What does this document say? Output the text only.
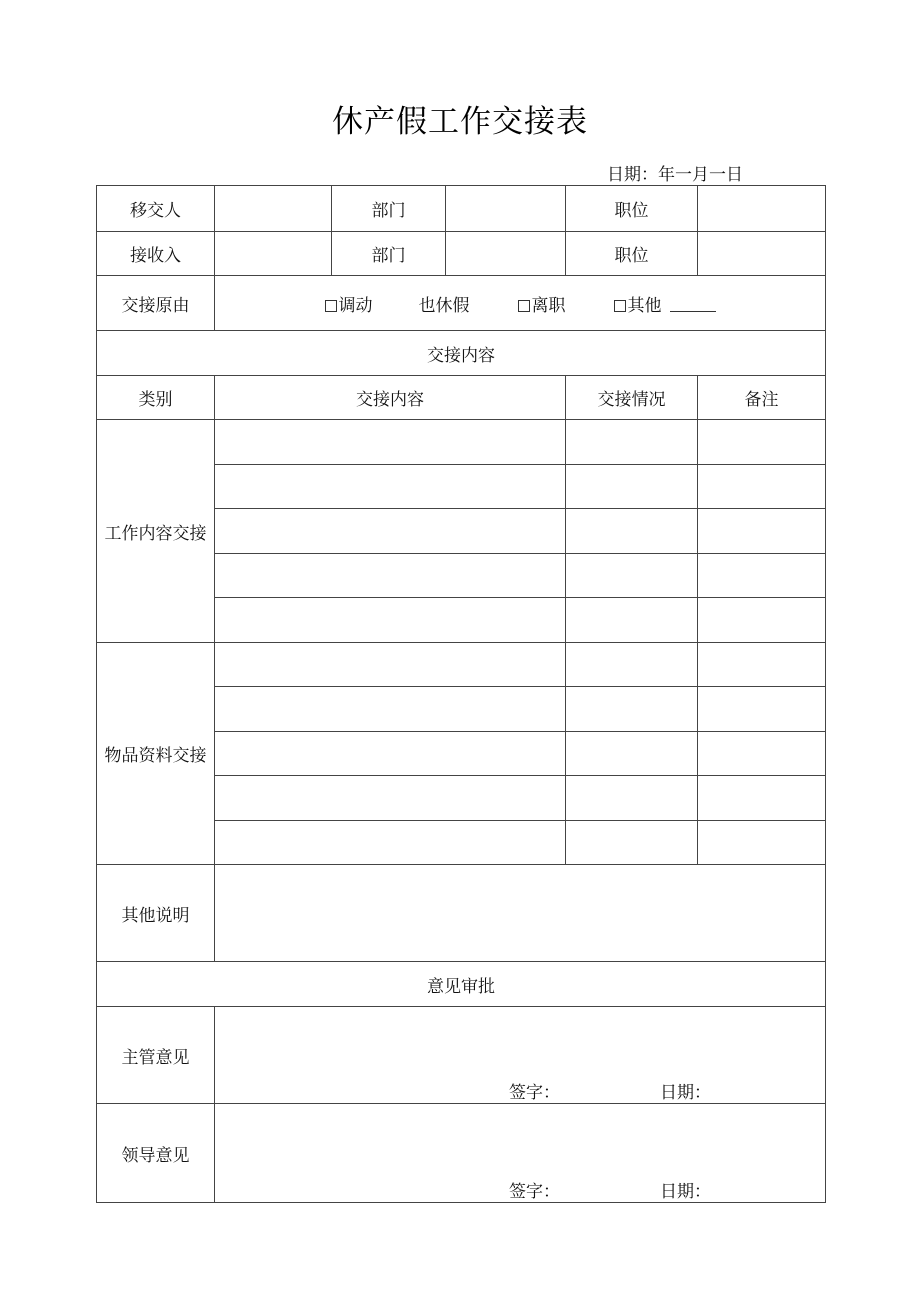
休产假工作交接表
日期：年一月一日
移交人		部门		职位	
接收入		部门		职位	
交接原由	调动 也休假 离职 其他				

交接内容					
类别	交接内容			交接情况	备注
工作内容交接					

物品资料交接					

其他说明					
意见审批					
主管意见	签字： 日期：				

领导意见	签字： 日期：				
